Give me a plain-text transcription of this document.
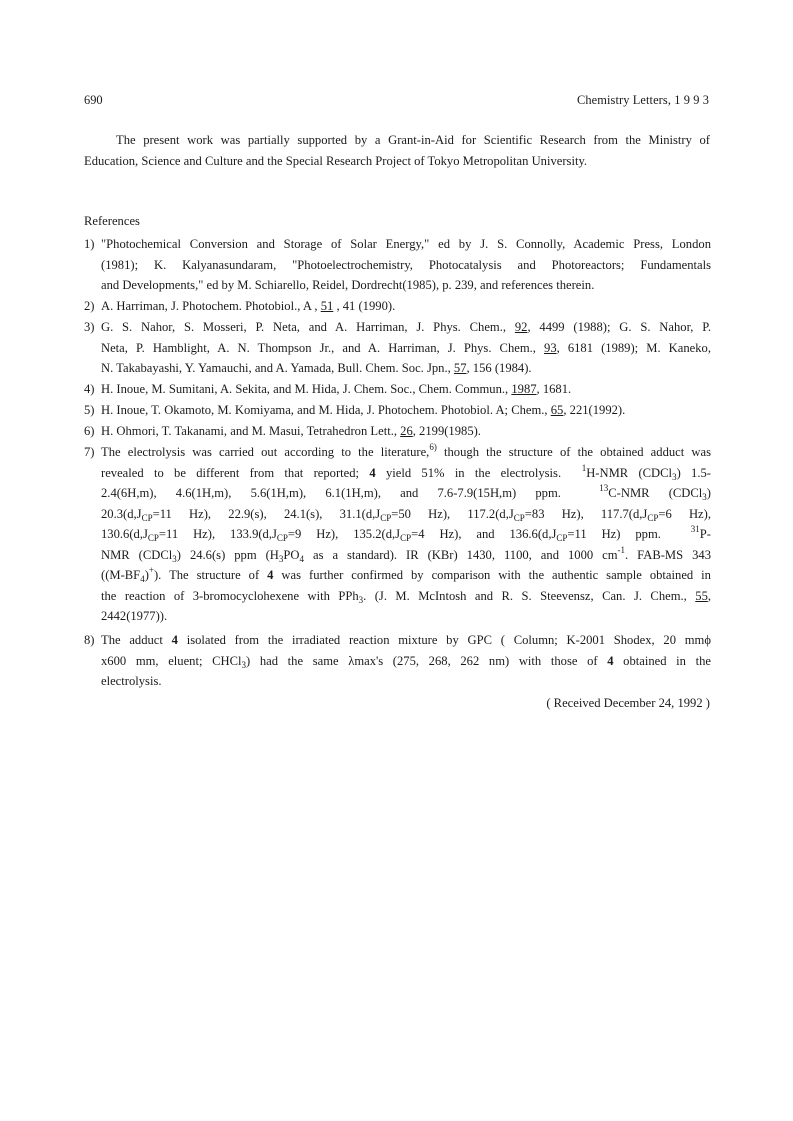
690	Chemistry Letters, 1 9 9 3
The present work was partially supported by a Grant-in-Aid for Scientific Research from the Ministry of
Education, Science and Culture and the Special Research Project of Tokyo Metropolitan University.
References
1) "Photochemical Conversion and Storage of Solar Energy," ed by J. S. Connolly, Academic Press, London
(1981); K. Kalyanasundaram, "Photoelectrochemistry, Photocatalysis and Photoreactors; Fundamentals
and Developments," ed by M. Schiarello, Reidel, Dordrecht(1985), p. 239, and references therein.
2) A. Harriman, J. Photochem. Photobiol., A , 51 , 41 (1990).
3) G. S. Nahor, S. Mosseri, P. Neta, and A. Harriman, J. Phys. Chem., 92, 4499 (1988); G. S. Nahor, P.
Neta, P. Hamblight, A. N. Thompson Jr., and A. Harriman, J. Phys. Chem., 93, 6181 (1989); M. Kaneko,
N. Takabayashi, Y. Yamauchi, and A. Yamada, Bull. Chem. Soc. Jpn., 57, 156 (1984).
4) H. Inoue, M. Sumitani, A. Sekita, and M. Hida, J. Chem. Soc., Chem. Commun., 1987, 1681.
5) H. Inoue, T. Okamoto, M. Komiyama, and M. Hida, J. Photochem. Photobiol. A; Chem., 65, 221(1992).
6) H. Ohmori, T. Takanami, and M. Masui, Tetrahedron Lett., 26, 2199(1985).
7) The electrolysis was carried out according to the literature,$^{6)}$ though the structure of the obtained adduct was
revealed to be different from that reported; 4 yield 51% in the electrolysis. $^1$H-NMR (CDCl$_3$) 1.5-
2.4(6H,m), 4.6(1H,m), 5.6(1H,m), 6.1(1H,m), and 7.6-7.9(15H,m) ppm.	$^{13}$C-NMR (CDCl$_3$)
$20.3(d,J_{CP}=11$ Hz), 22.9(s), 24.1(s), $31.1(d,J_{CP}=50$ Hz), $117.2(d,J_{CP}=83$ Hz), $117.7(d,J_{CP}=6$ Hz),
$130.6(d,J_{CP}=11$ Hz), $133.9(d,J_{CP}=9$ Hz), $135.2(d,J_{CP}=4$ Hz), and $136.6(d,J_{CP}=11$ Hz) ppm.	$^{31}$P-
NMR (CDCl$_3$) 24.6(s) ppm ($H_3PO_4$ as a standard). IR (KBr) 1430, 1100, and 1000 $cm^{-1}$. FAB-MS 343
$((M-BF_4)^+)$. The structure of 4 was further confirmed by comparison with the authentic sample obtained in
the reaction of 3-bromocyclohexene with PPh$_3$. (J. M. McIntosh and R. S. Steevensz, Can. J. Chem., 55,
2442(1977)).
8) The adduct 4 isolated from the irradiated reaction mixture by GPC ( Column; K-2001 Shodex, 20 mmϕ
x600 mm, eluent; CHCl$_3$) had the same λmax's (275, 268, 262 nm) with those of 4 obtained in the
electrolysis.
( Received December 24, 1992 )
